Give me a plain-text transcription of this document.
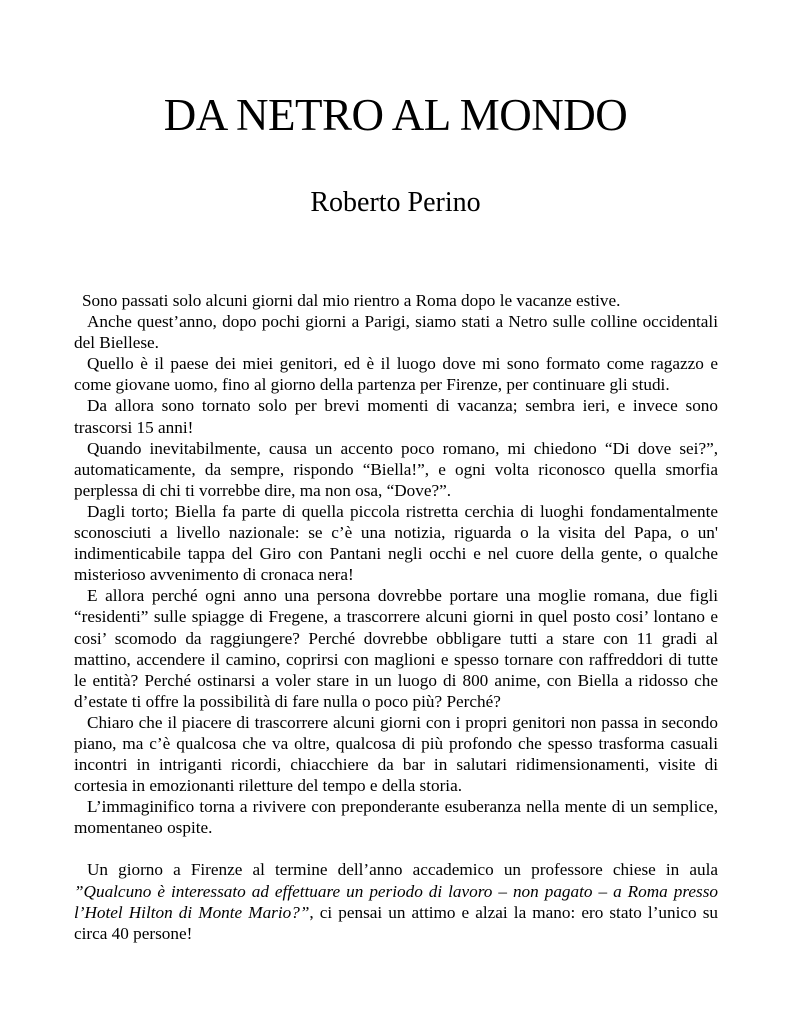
DA NETRO AL MONDO
Roberto Perino

Sono passati solo alcuni giorni dal mio rientro a Roma dopo le vacanze estive.

Anche quest’anno, dopo pochi giorni a Parigi, siamo stati a Netro sulle colline occidentali del Biellese.

Quello è il paese dei miei genitori, ed è il luogo dove mi sono formato come ragazzo e come giovane uomo, fino al giorno della partenza per Firenze, per continuare gli studi.

Da allora sono tornato solo per brevi momenti di vacanza; sembra ieri, e invece sono trascorsi 15 anni!

Quando inevitabilmente, causa un accento poco romano, mi chiedono “Di dove sei?”, automaticamente, da sempre, rispondo “Biella!”, e ogni volta riconosco quella smorfia perplessa di chi ti vorrebbe dire, ma non osa, “Dove?”.

Dagli torto; Biella fa parte di quella piccola ristretta cerchia di luoghi fondamentalmente sconosciuti a livello nazionale: se c’è una notizia, riguarda o la visita del Papa, o un' indimenticabile tappa del Giro con Pantani negli occhi e nel cuore della gente, o qualche misterioso avvenimento di cronaca nera!

E allora perché ogni anno una persona dovrebbe portare una moglie romana, due figli “residenti” sulle spiagge di Fregene, a trascorrere alcuni giorni in quel posto cosi’ lontano e cosi’ scomodo da raggiungere? Perché dovrebbe obbligare tutti a stare con 11 gradi al mattino, accendere il camino, coprirsi con maglioni e spesso tornare con raffreddori di tutte le entità? Perché ostinarsi a voler stare in un luogo di 800 anime, con Biella a ridosso che d’estate ti offre la possibilità di fare nulla o poco più? Perché?

Chiaro che il piacere di trascorrere alcuni giorni con i propri genitori non passa in secondo piano, ma c’è qualcosa che va oltre, qualcosa di più profondo che spesso trasforma casuali incontri in intriganti ricordi, chiacchiere da bar in salutari ridimensionamenti, visite di cortesia in emozionanti riletture del tempo e della storia.

L’immaginifico torna a rivivere con preponderante esuberanza nella mente di un semplice, momentaneo ospite.

Un giorno a Firenze al termine dell’anno accademico un professore chiese in aula ”Qualcuno è interessato ad effettuare un periodo di lavoro – non pagato – a Roma presso l’Hotel Hilton di Monte Mario?”, ci pensai un attimo e alzai la mano: ero stato l’unico su circa 40 persone!
